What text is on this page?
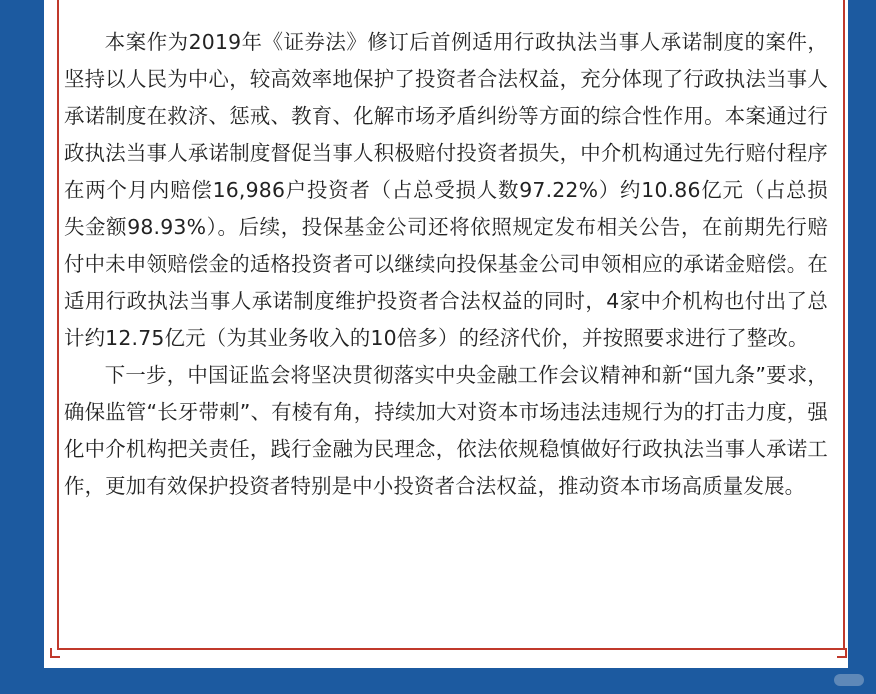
本案作为2019年《证券法》修订后首例适用行政执法当事人承诺制度的案件，坚持以人民为中心，较高效率地保护了投资者合法权益，充分体现了行政执法当事人承诺制度在救济、惩戒、教育、化解市场矛盾纠纷等方面的综合性作用。本案通过行政执法当事人承诺制度督促当事人积极赔付投资者损失，中介机构通过先行赔付程序在两个月内赔偿16,986户投资者（占总受损人数97.22%）约10.86亿元（占总损失金额98.93%）。后续，投保基金公司还将依照规定发布相关公告，在前期先行赔付中未申领赔偿金的适格投资者可以继续向投保基金公司申领相应的承诺金赔偿。在适用行政执法当事人承诺制度维护投资者合法权益的同时，4家中介机构也付出了总计约12.75亿元（为其业务收入的10倍多）的经济代价，并按照要求进行了整改。

下一步，中国证监会将坚决贯彻落实中央金融工作会议精神和新“国九条”要求，确保监管“长牙带刺”、有棱有角，持续加大对资本市场违法违规行为的打击力度，强化中介机构把关责任，践行金融为民理念，依法依规稳慎做好行政执法当事人承诺工作，更加有效保护投资者特别是中小投资者合法权益，推动资本市场高质量发展。
